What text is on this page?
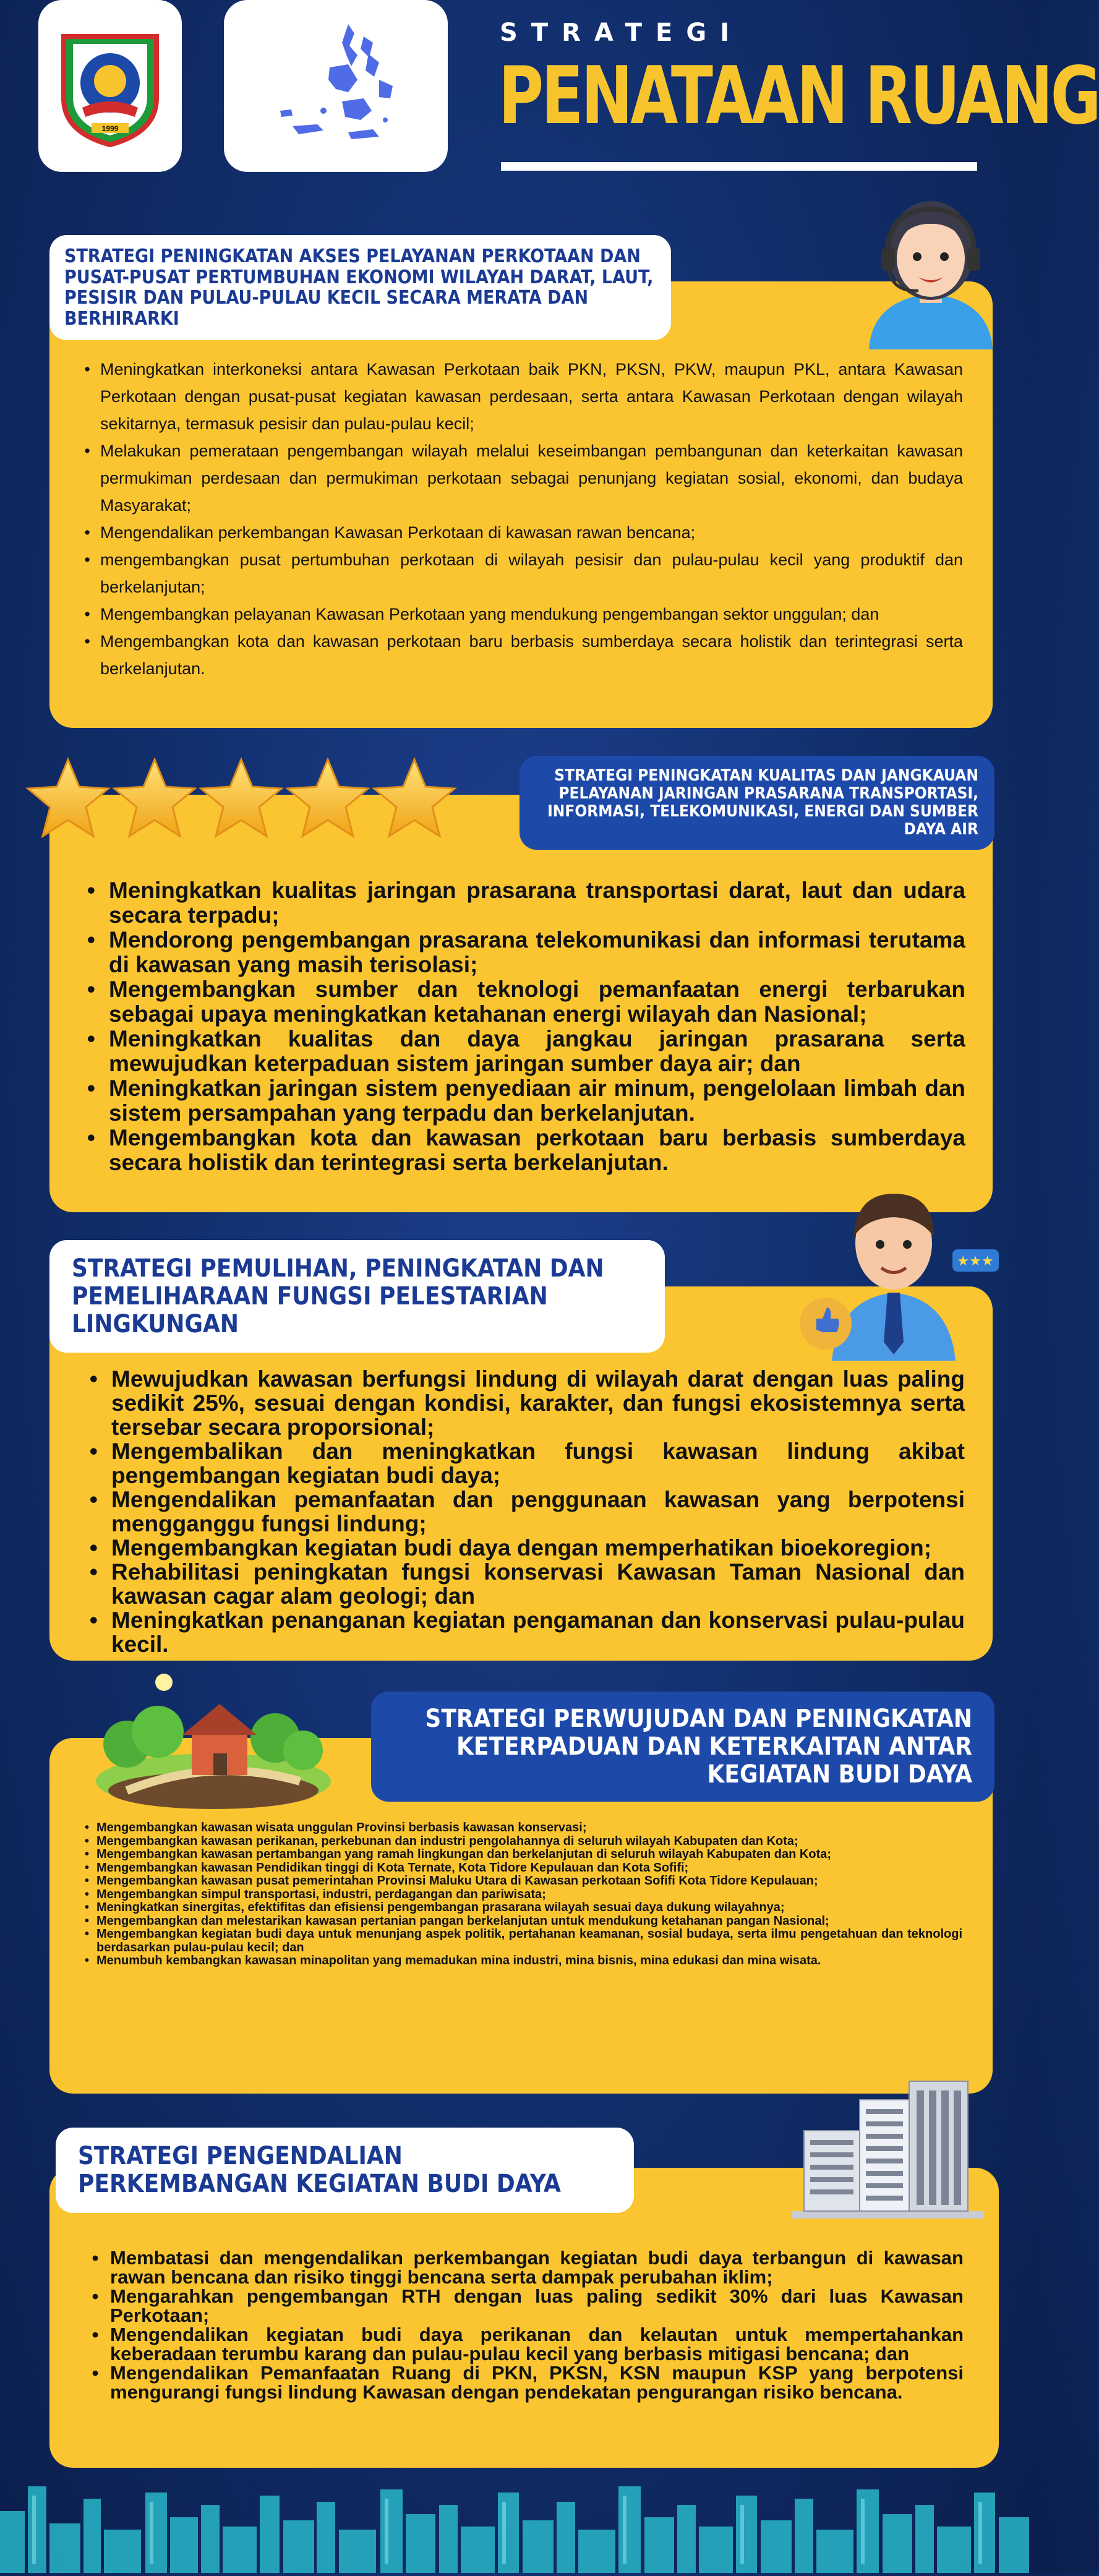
1999
STRATEGI
PENATAAN RUANG
STRATEGI PENINGKATAN AKSES PELAYANAN PERKOTAAN DAN PUSAT-PUSAT PERTUMBUHAN EKONOMI WILAYAH DARAT, LAUT, PESISIR DAN PULAU-PULAU KECIL SECARA MERATA DAN BERHIRARKI
• Meningkatkan interkoneksi antara Kawasan Perkotaan baik PKN, PKSN, PKW, maupun PKL, antara Kawasan Perkotaan dengan pusat-pusat kegiatan kawasan perdesaan, serta antara Kawasan Perkotaan dengan wilayah sekitarnya, termasuk pesisir dan pulau-pulau kecil;
• Melakukan pemerataan pengembangan wilayah melalui keseimbangan pembangunan dan keterkaitan kawasan permukiman perdesaan dan permukiman perkotaan sebagai penunjang kegiatan sosial, ekonomi, dan budaya Masyarakat;
• Mengendalikan perkembangan Kawasan Perkotaan di kawasan rawan bencana;
• mengembangkan pusat pertumbuhan perkotaan di wilayah pesisir dan pulau-pulau kecil yang produktif dan berkelanjutan;
• Mengembangkan pelayanan Kawasan Perkotaan yang mendukung pengembangan sektor unggulan; dan
• Mengembangkan kota dan kawasan perkotaan baru berbasis sumberdaya secara holistik dan terintegrasi serta berkelanjutan.
STRATEGI PENINGKATAN KUALITAS DAN JANGKAUAN PELAYANAN JARINGAN PRASARANA TRANSPORTASI, INFORMASI, TELEKOMUNIKASI, ENERGI DAN SUMBER DAYA AIR
• Meningkatkan kualitas jaringan prasarana transportasi darat, laut dan udara secara terpadu;
• Mendorong pengembangan prasarana telekomunikasi dan informasi terutama di kawasan yang masih terisolasi;
• Mengembangkan sumber dan teknologi pemanfaatan energi terbarukan sebagai upaya meningkatkan ketahanan energi wilayah dan Nasional;
• Meningkatkan kualitas dan daya jangkau jaringan prasarana serta mewujudkan keterpaduan sistem jaringan sumber daya air; dan
• Meningkatkan jaringan sistem penyediaan air minum, pengelolaan limbah dan sistem persampahan yang terpadu dan berkelanjutan.
• Mengembangkan kota dan kawasan perkotaan baru berbasis sumberdaya secara holistik dan terintegrasi serta berkelanjutan.
STRATEGI PEMULIHAN, PENINGKATAN DAN PEMELIHARAAN FUNGSI PELESTARIAN LINGKUNGAN
★★★
• Mewujudkan kawasan berfungsi lindung di wilayah darat dengan luas paling sedikit 25%, sesuai dengan kondisi, karakter, dan fungsi ekosistemnya serta tersebar secara proporsional;
• Mengembalikan dan meningkatkan fungsi kawasan lindung akibat pengembangan kegiatan budi daya;
• Mengendalikan pemanfaatan dan penggunaan kawasan yang berpotensi mengganggu fungsi lindung;
• Mengembangkan kegiatan budi daya dengan memperhatikan bioekoregion;
• Rehabilitasi peningkatan fungsi konservasi Kawasan Taman Nasional dan kawasan cagar alam geologi; dan
• Meningkatkan penanganan kegiatan pengamanan dan konservasi pulau-pulau kecil.
STRATEGI PERWUJUDAN DAN PENINGKATAN KETERPADUAN DAN KETERKAITAN ANTAR KEGIATAN BUDI DAYA
• Mengembangkan kawasan wisata unggulan Provinsi berbasis kawasan konservasi;
• Mengembangkan kawasan perikanan, perkebunan dan industri pengolahannya di seluruh wilayah Kabupaten dan Kota;
• Mengembangkan kawasan pertambangan yang ramah lingkungan dan berkelanjutan di seluruh wilayah Kabupaten dan Kota;
• Mengembangkan kawasan Pendidikan tinggi di Kota Ternate, Kota Tidore Kepulauan dan Kota Sofifi;
• Mengembangkan kawasan pusat pemerintahan Provinsi Maluku Utara di Kawasan perkotaan Sofifi Kota Tidore Kepulauan;
• Mengembangkan simpul transportasi, industri, perdagangan dan pariwisata;
• Meningkatkan sinergitas, efektifitas dan efisiensi pengembangan prasarana wilayah sesuai daya dukung wilayahnya;
• Mengembangkan dan melestarikan kawasan pertanian pangan berkelanjutan untuk mendukung ketahanan pangan Nasional;
• Mengembangkan kegiatan budi daya untuk menunjang aspek politik, pertahanan keamanan, sosial budaya, serta ilmu pengetahuan dan teknologi berdasarkan pulau-pulau kecil; dan
• Menumbuh kembangkan kawasan minapolitan yang memadukan mina industri, mina bisnis, mina edukasi dan mina wisata.
STRATEGI PENGENDALIAN PERKEMBANGAN KEGIATAN BUDI DAYA
• Membatasi dan mengendalikan perkembangan kegiatan budi daya terbangun di kawasan rawan bencana dan risiko tinggi bencana serta dampak perubahan iklim;
• Mengarahkan pengembangan RTH dengan luas paling sedikit 30% dari luas Kawasan Perkotaan;
• Mengendalikan kegiatan budi daya perikanan dan kelautan untuk mempertahankan keberadaan terumbu karang dan pulau-pulau kecil yang berbasis mitigasi bencana; dan
• Mengendalikan Pemanfaatan Ruang di PKN, PKSN, KSN maupun KSP yang berpotensi mengurangi fungsi lindung Kawasan dengan pendekatan pengurangan risiko bencana.
